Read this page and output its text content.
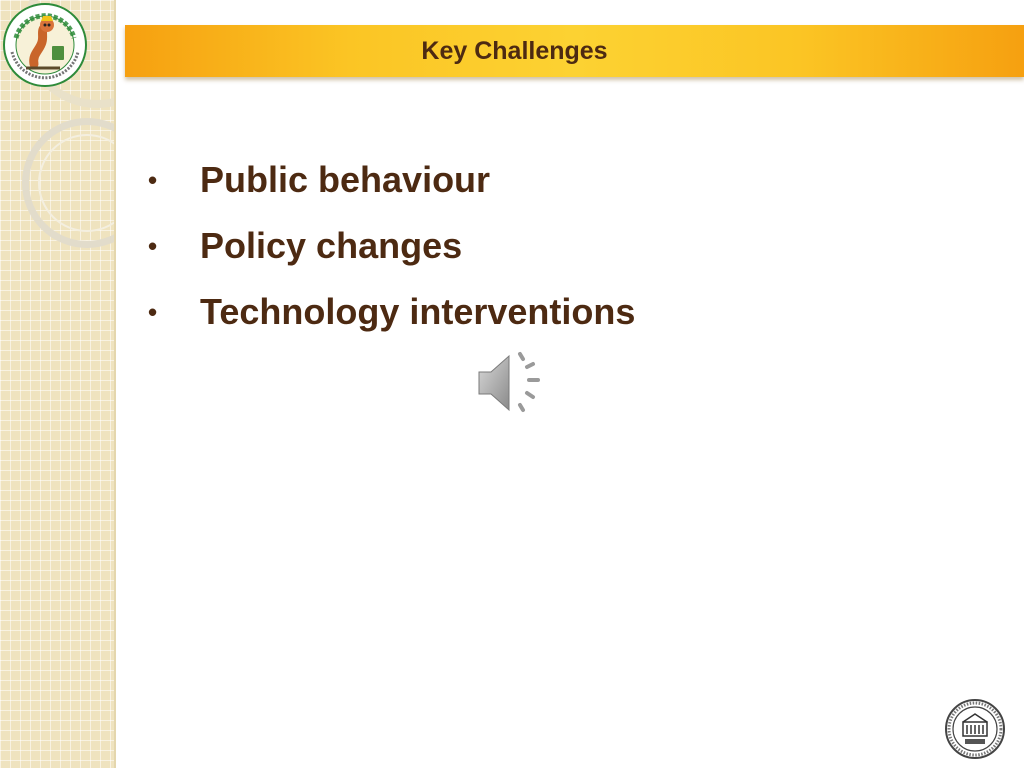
Key Challenges
•	Public behaviour
•	Policy changes
•	Technology interventions
